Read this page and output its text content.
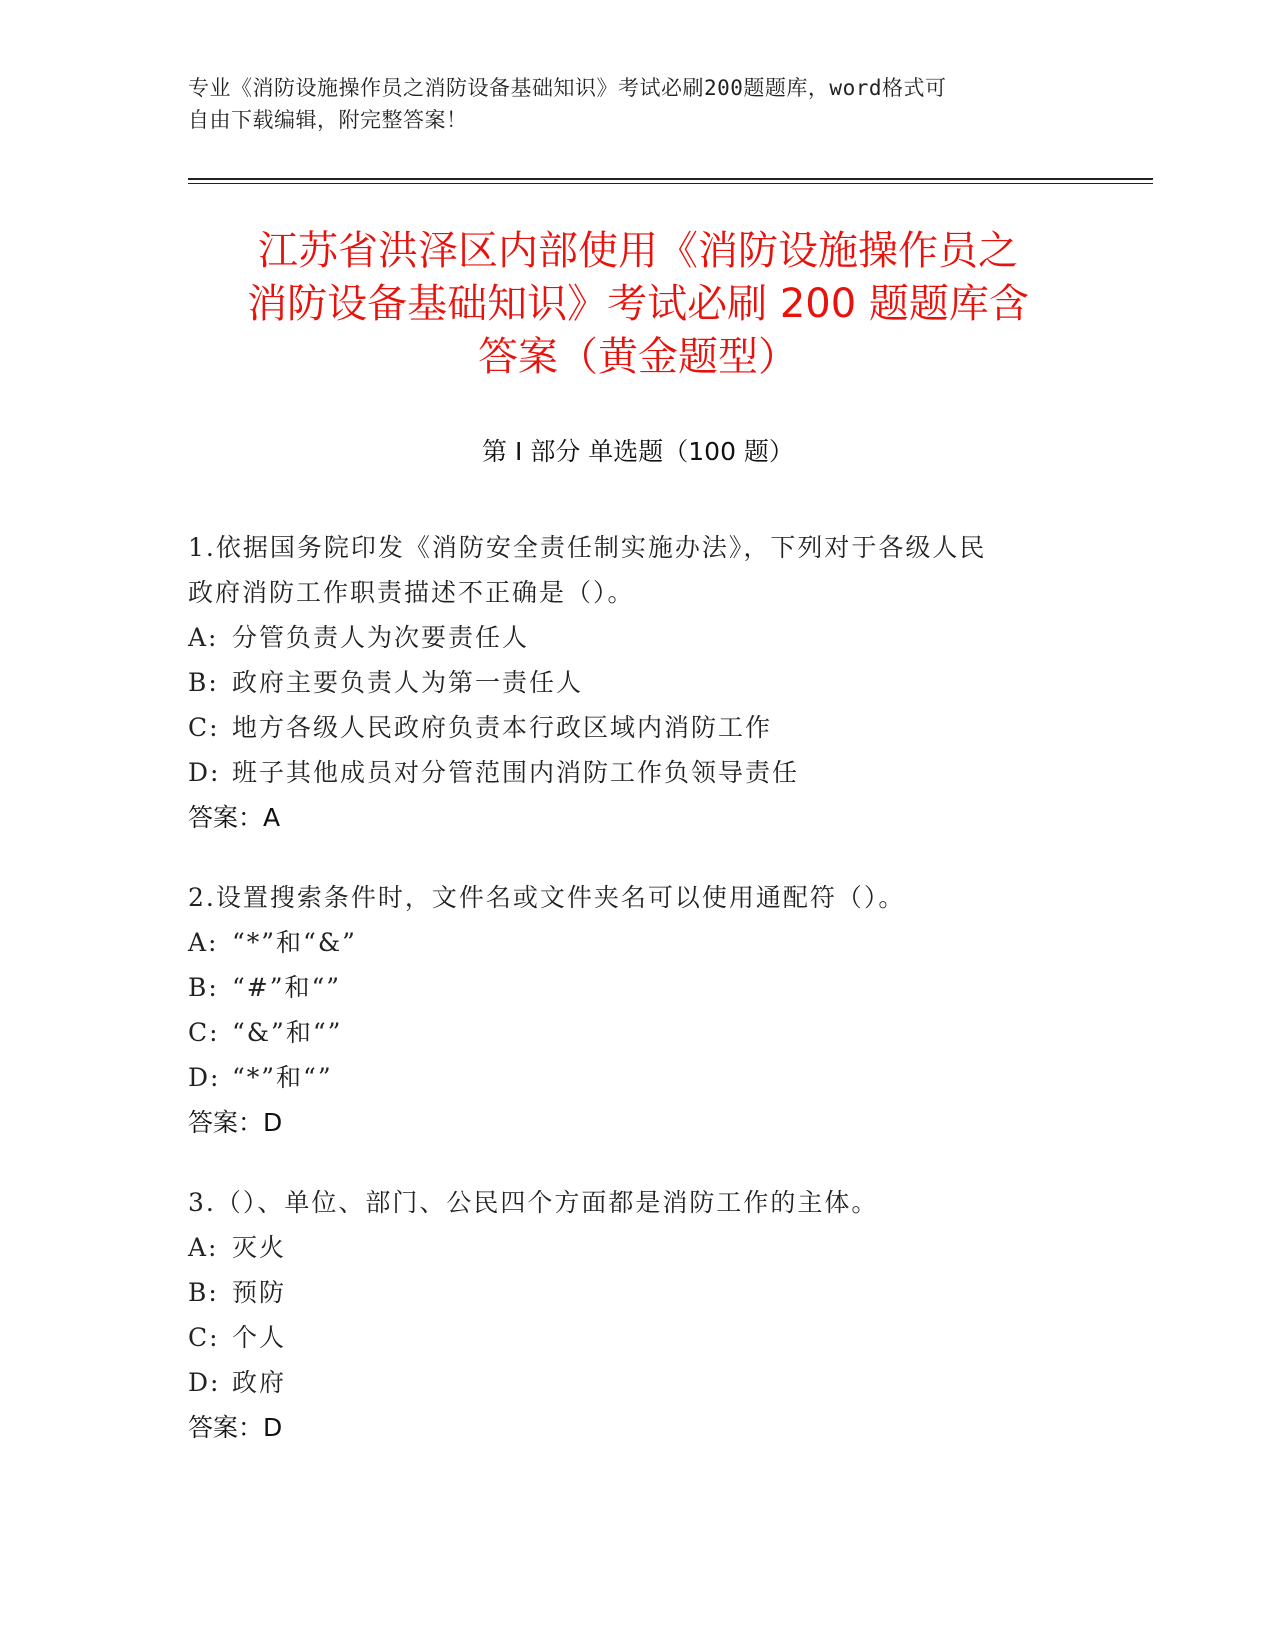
专业《消防设施操作员之消防设备基础知识》考试必刷200题题库，word格式可
自由下载编辑，附完整答案！
江苏省洪泽区内部使用《消防设施操作员之
消防设备基础知识》考试必刷 200 题题库含
答案（黄金题型）
第 I 部分 单选题（100 题）
1.依据国务院印发《消防安全责任制实施办法》，下列对于各级人民
政府消防工作职责描述不正确是（）。
A: 分管负责人为次要责任人
B: 政府主要负责人为第一责任人
C: 地方各级人民政府负责本行政区域内消防工作
D: 班子其他成员对分管范围内消防工作负领导责任
答案：A
2.设置搜索条件时，文件名或文件夹名可以使用通配符（）。
A: “*”和“&”
B: “#”和“”
C: “&”和“”
D: “*”和“”
答案：D
3.（）、单位、部门、公民四个方面都是消防工作的主体。
A: 灭火
B: 预防
C: 个人
D: 政府
答案：D
